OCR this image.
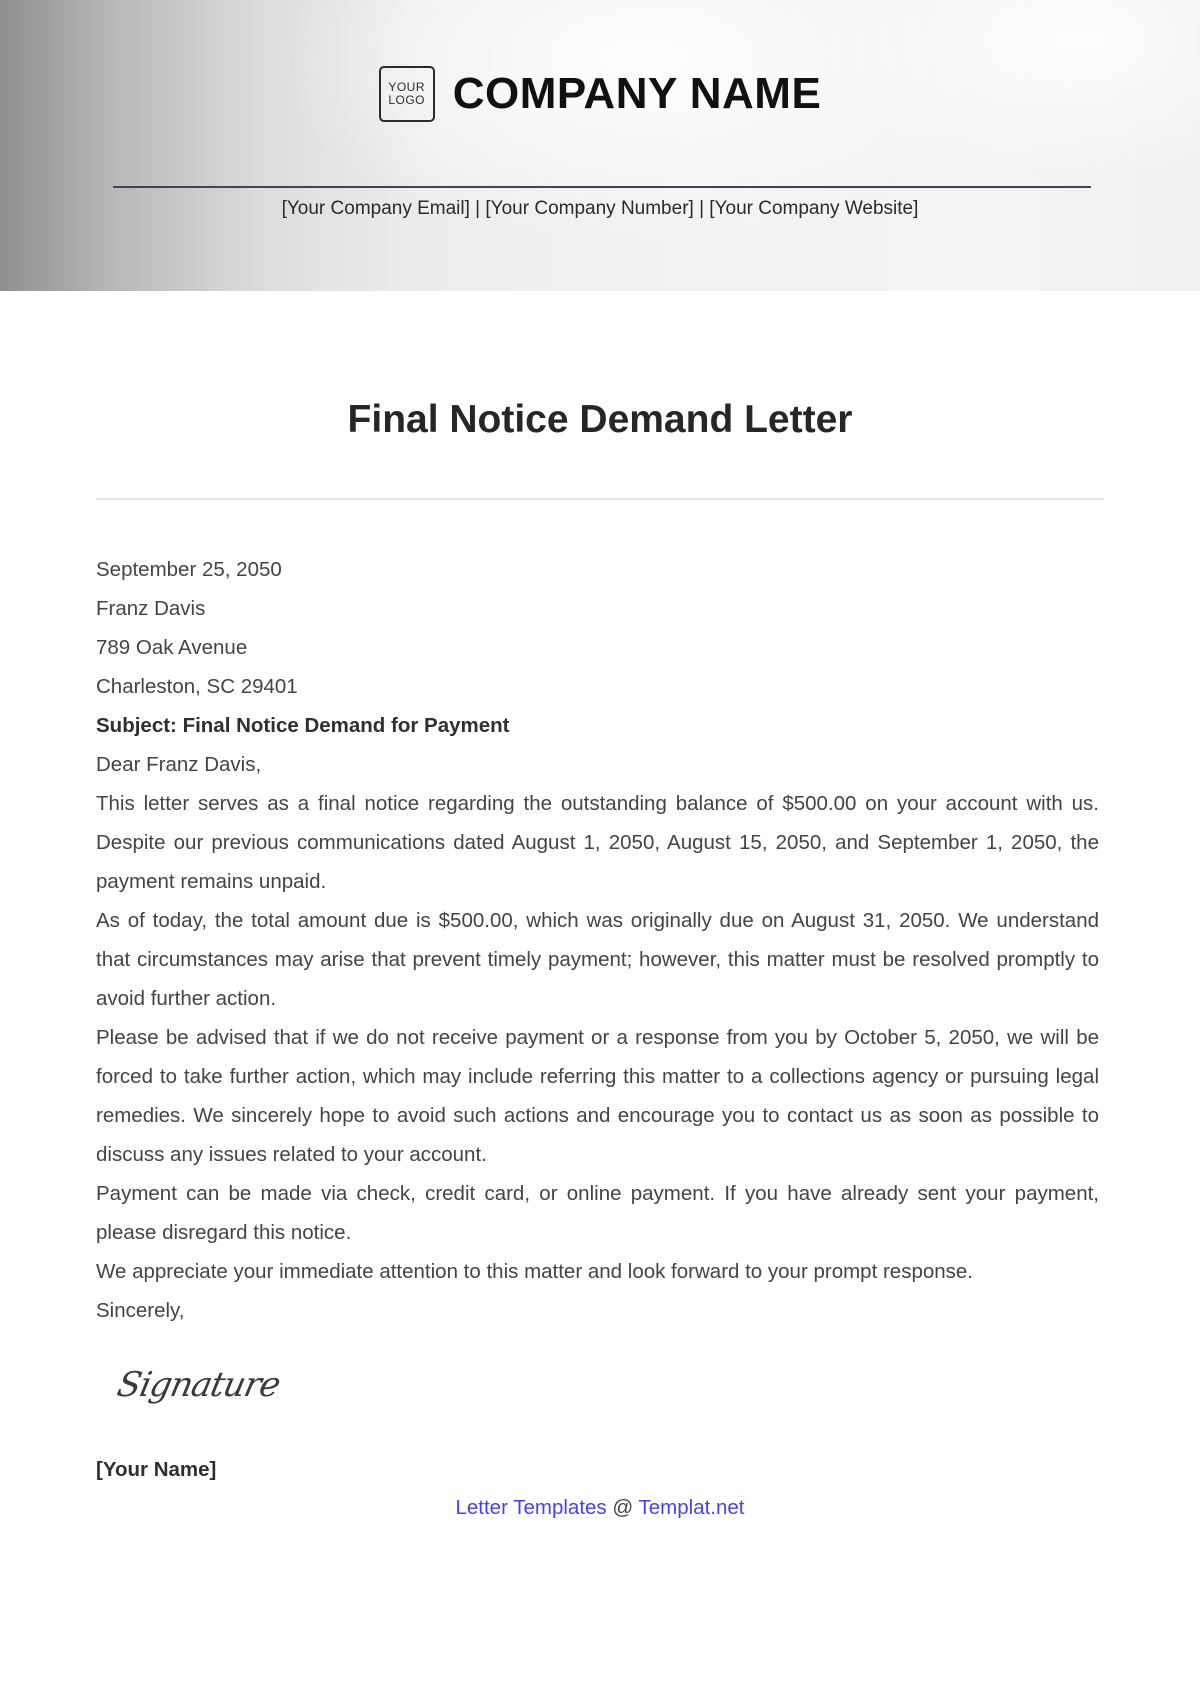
YOUR
LOGO COMPANY NAME
[Your Company Email] | [Your Company Number] | [Your Company Website]
Final Notice Demand Letter

September 25, 2050

Franz Davis

789 Oak Avenue

Charleston, SC 29401

Subject: Final Notice Demand for Payment

Dear Franz Davis,

This letter serves as a final notice regarding the outstanding balance of $500.00 on your account with us. Despite our previous communications dated August 1, 2050, August 15, 2050, and September 1, 2050, the payment remains unpaid.

As of today, the total amount due is $500.00, which was originally due on August 31, 2050. We understand that circumstances may arise that prevent timely payment; however, this matter must be resolved promptly to avoid further action.

Please be advised that if we do not receive payment or a response from you by October 5, 2050, we will be forced to take further action, which may include referring this matter to a collections agency or pursuing legal remedies. We sincerely hope to avoid such actions and encourage you to contact us as soon as possible to discuss any issues related to your account.

Payment can be made via check, credit card, or online payment. If you have already sent your payment, please disregard this notice.

We appreciate your immediate attention to this matter and look forward to your prompt response.

Sincerely,

Signature
[Your Name]
Letter Templates @ Templat.net
